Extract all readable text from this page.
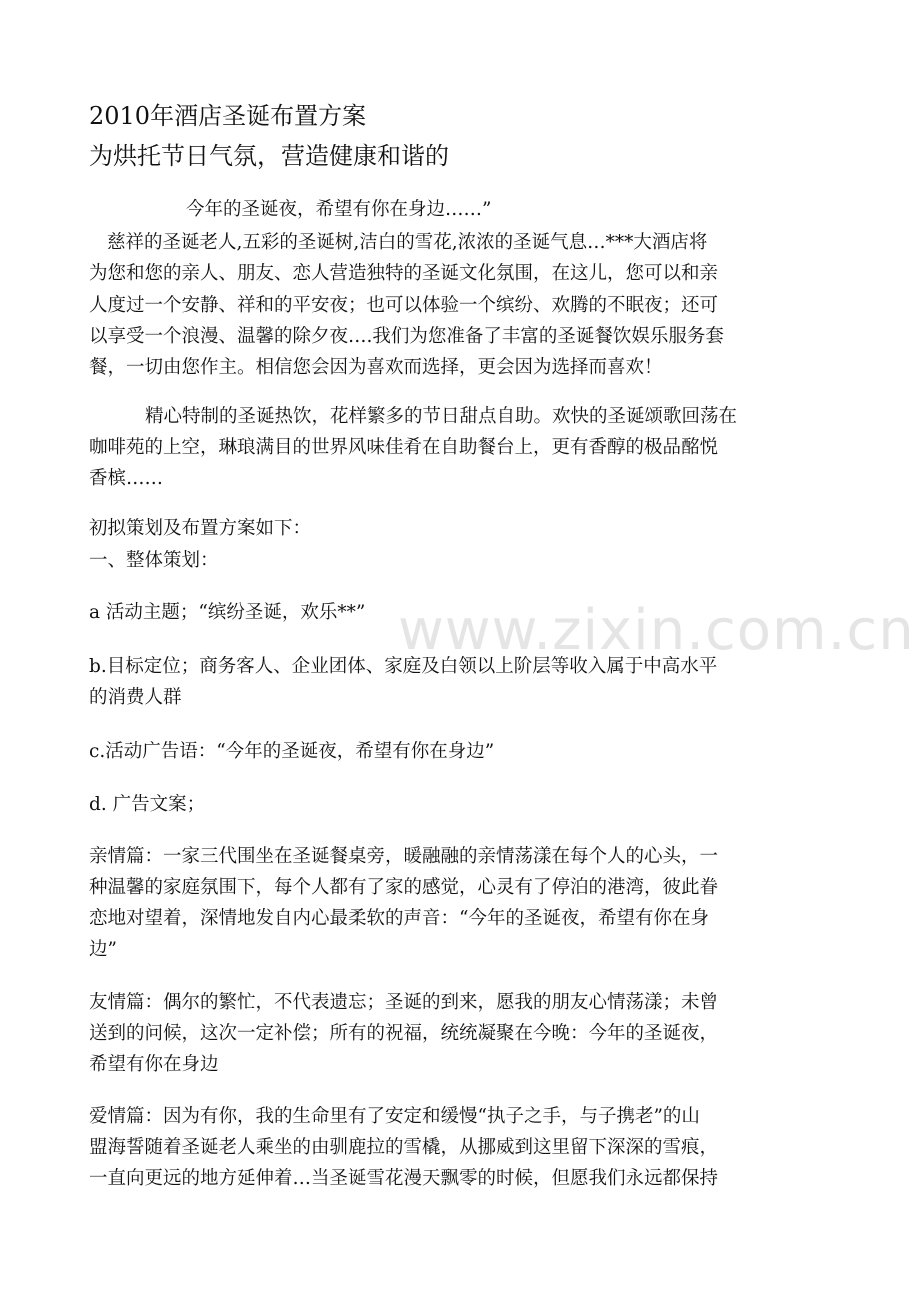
2010年酒店圣诞布置方案
为烘托节日气氛，营造健康和谐的
今年的圣诞夜，希望有你在身边……”
慈祥的圣诞老人,五彩的圣诞树,洁白的雪花,浓浓的圣诞气息…***大酒店将
为您和您的亲人、朋友、恋人营造独特的圣诞文化氛围，在这儿，您可以和亲
人度过一个安静、祥和的平安夜；也可以体验一个缤纷、欢腾的不眠夜；还可
以享受一个浪漫、温馨的除夕夜….我们为您准备了丰富的圣诞餐饮娱乐服务套
餐，一切由您作主。相信您会因为喜欢而选择，更会因为选择而喜欢！
精心特制的圣诞热饮，花样繁多的节日甜点自助。欢快的圣诞颂歌回荡在
咖啡苑的上空，琳琅满目的世界风味佳肴在自助餐台上，更有香醇的极品酩悦
香槟……
初拟策划及布置方案如下：
一、整体策划：
a 活动主题；“缤纷圣诞，欢乐**”
b.目标定位；商务客人、企业团体、家庭及白领以上阶层等收入属于中高水平
的消费人群
c.活动广告语：“今年的圣诞夜，希望有你在身边”
d. 广告文案；
亲情篇：一家三代围坐在圣诞餐桌旁，暖融融的亲情荡漾在每个人的心头，一
种温馨的家庭氛围下，每个人都有了家的感觉，心灵有了停泊的港湾，彼此眷
恋地对望着，深情地发自内心最柔软的声音：“今年的圣诞夜，希望有你在身
边”
友情篇：偶尔的繁忙，不代表遗忘；圣诞的到来，愿我的朋友心情荡漾；未曾
送到的问候，这次一定补偿；所有的祝福，统统凝聚在今晚：今年的圣诞夜，
希望有你在身边
爱情篇：因为有你，我的生命里有了安定和缓慢“执子之手，与子携老”的山
盟海誓随着圣诞老人乘坐的由驯鹿拉的雪橇，从挪威到这里留下深深的雪痕，
一直向更远的地方延伸着…当圣诞雪花漫天飘零的时候，但愿我们永远都保持
www.zixin.com.cn
